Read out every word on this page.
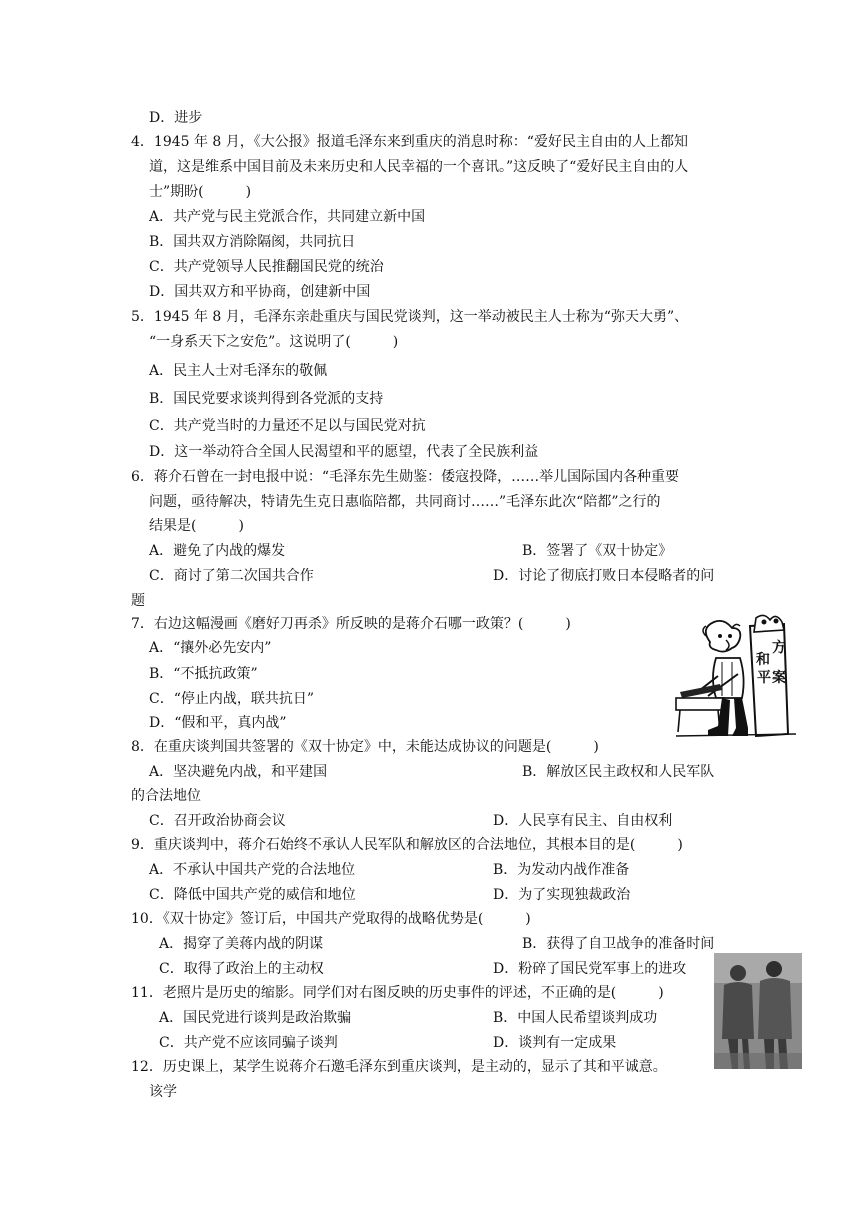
D．进步
4．1945 年 8 月，《大公报》报道毛泽东来到重庆的消息时称：“爱好民主自由的人上都知
道，这是维系中国目前及未来历史和人民幸福的一个喜讯。”这反映了“爱好民主自由的人
士”期盼(　　　)
A．共产党与民主党派合作，共同建立新中国
B．国共双方消除隔阂，共同抗日
C．共产党领导人民推翻国民党的统治
D．国共双方和平协商，创建新中国
5．1945 年 8 月，毛泽东亲赴重庆与国民党谈判，这一举动被民主人士称为“弥天大勇”、
“一身系天下之安危”。这说明了(　　　)
A．民主人士对毛泽东的敬佩
B．国民党要求谈判得到各党派的支持
C．共产党当时的力量还不足以与国民党对抗
D．这一举动符合全国人民渴望和平的愿望，代表了全民族利益
6．蒋介石曾在一封电报中说：“毛泽东先生勋鉴：倭寇投降，……举儿国际国内各种重要
问题，亟待解决，特请先生克日惠临陪都，共同商讨……”毛泽东此次“陪都”之行的
结果是(　　　)
A．避免了内战的爆发	B．签署了《双十协定》
C．商讨了第二次国共合作	D．讨论了彻底打败日本侵略者的问
题
7．右边这幅漫画《磨好刀再杀》所反映的是蒋介石哪一政策？(　　　)
A．“攘外必先安内”
B．“不抵抗政策”
C．“停止内战，联共抗日”
D．“假和平，真内战”
和
方
平 案
8．在重庆谈判国共签署的《双十协定》中，未能达成协议的问题是(　　　)
A．坚决避免内战，和平建国	B．解放区民主政权和人民军队
的合法地位
C．召开政治协商会议	D．人民享有民主、自由权利
9．重庆谈判中，蒋介石始终不承认人民军队和解放区的合法地位，其根本目的是(　　　)
A．不承认中国共产党的合法地位	B．为发动内战作准备
C．降低中国共产党的威信和地位	D．为了实现独裁政治
10．《双十协定》签订后，中国共产党取得的战略优势是(　　　)
A．揭穿了美蒋内战的阴谋	B．获得了自卫战争的准备时间
C．取得了政治上的主动权	D．粉碎了国民党军事上的进攻
11．老照片是历史的缩影。同学们对右图反映的历史事件的评述，不正确的是(　　　)
A．国民党进行谈判是政治欺骗	B．中国人民希望谈判成功
C．共产党不应该同骗子谈判	D．谈判有一定成果
12．历史课上，某学生说蒋介石邀毛泽东到重庆谈判，是主动的，显示了其和平诚意。
该学
